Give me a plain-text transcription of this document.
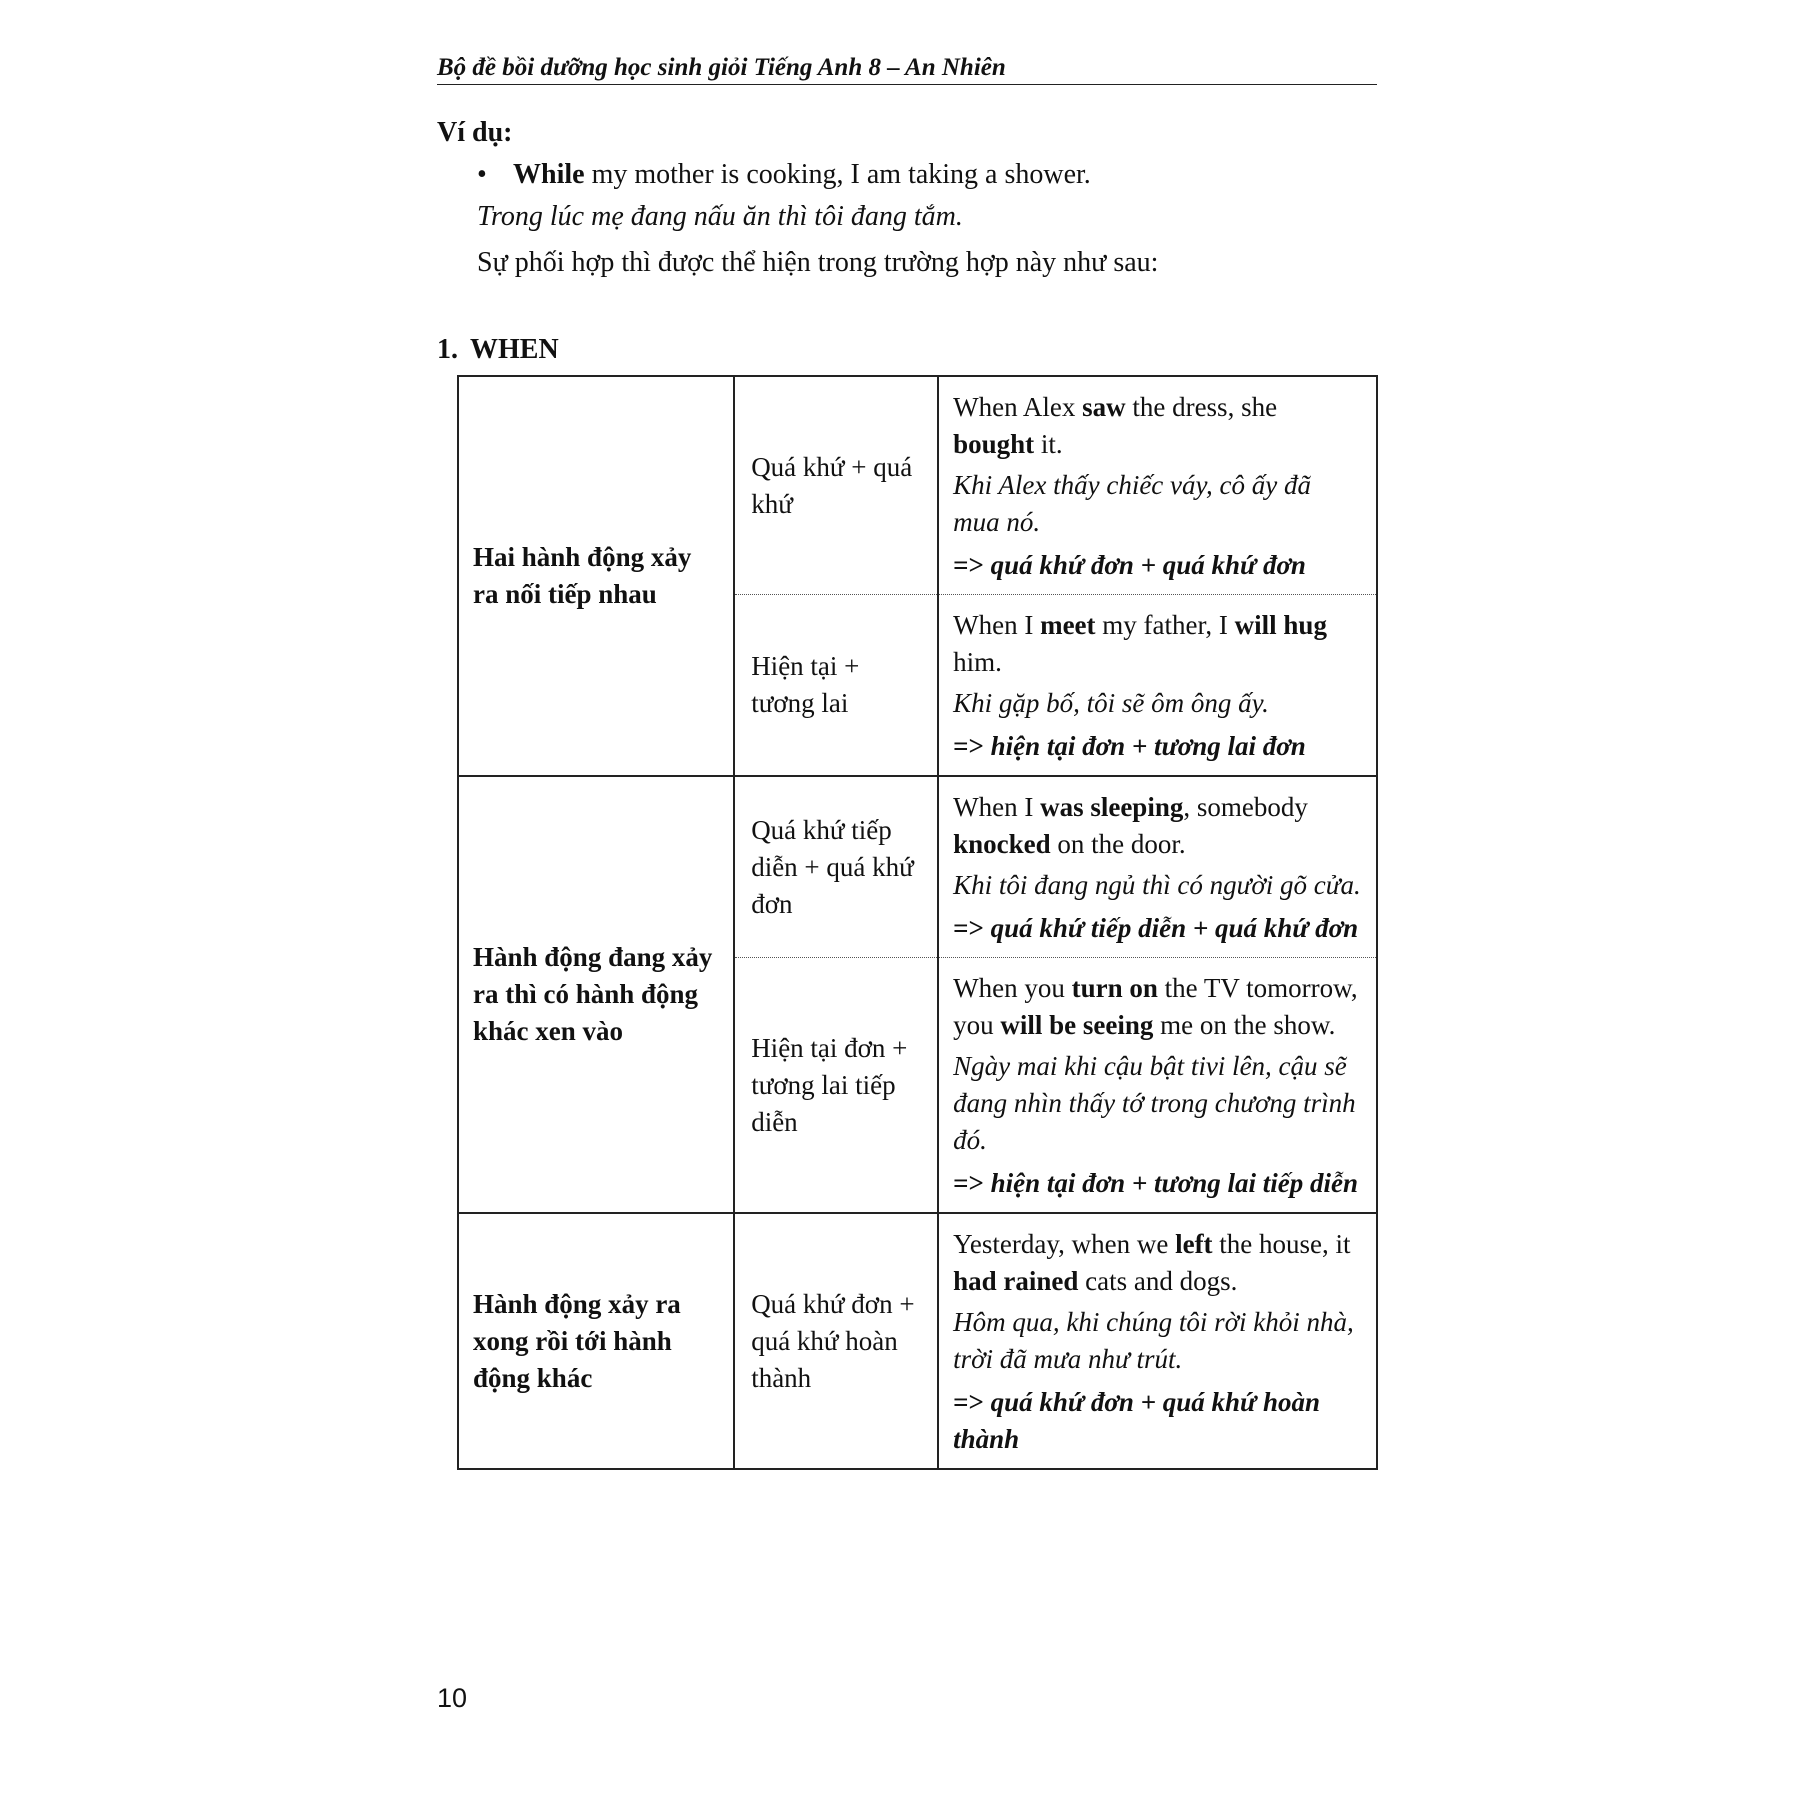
Bộ đề bồi dưỡng học sinh giỏi Tiếng Anh 8 – An Nhiên

Ví dụ:

• While my mother is cooking, I am taking a shower.

Trong lúc mẹ đang nấu ăn thì tôi đang tắm.

Sự phối hợp thì được thể hiện trong trường hợp này như sau:

1. WHEN
Hai hành động xảy ra nối tiếp nhau	Quá khứ + quá khứ	When Alex saw the dress, she bought it.

Khi Alex thấy chiếc váy, cô ấy đã mua nó.

=> quá khứ đơn + quá khứ đơn

	Hiện tại + tương lai	When I meet my father, I will hug him.

Khi gặp bố, tôi sẽ ôm ông ấy.

=> hiện tại đơn + tương lai đơn

Hành động đang xảy ra thì có hành động khác xen vào	Quá khứ tiếp diễn + quá khứ đơn	When I was sleeping, somebody knocked on the door.

Khi tôi đang ngủ thì có người gõ cửa.

=> quá khứ tiếp diễn + quá khứ đơn

	Hiện tại đơn + tương lai tiếp diễn	When you turn on the TV tomorrow, you will be seeing me on the show.

Ngày mai khi cậu bật tivi lên, cậu sẽ đang nhìn thấy tớ trong chương trình đó.

=> hiện tại đơn + tương lai tiếp diễn

Hành động xảy ra xong rồi tới hành động khác	Quá khứ đơn + quá khứ hoàn thành	Yesterday, when we left the house, it had rained cats and dogs.

Hôm qua, khi chúng tôi rời khỏi nhà, trời đã mưa như trút.

=> quá khứ đơn + quá khứ hoàn thành

10
